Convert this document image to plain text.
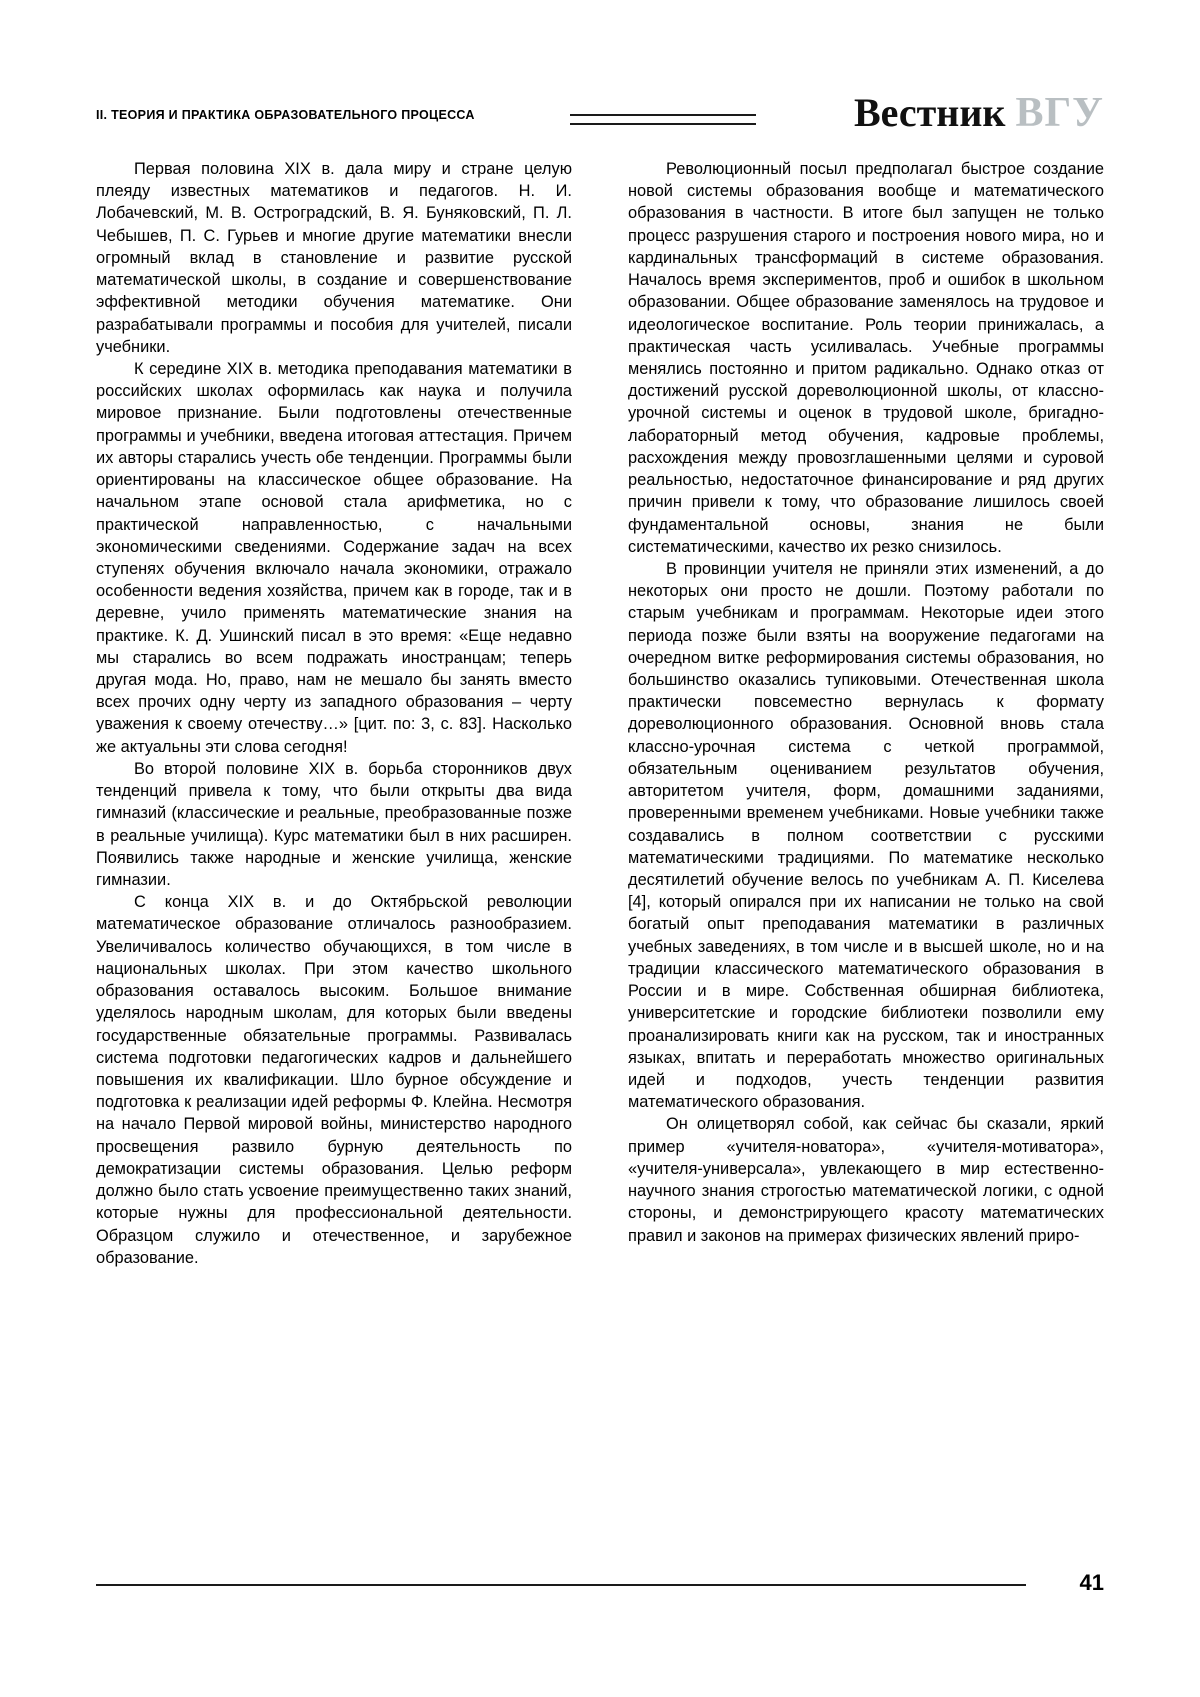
II. ТЕОРИЯ И ПРАКТИКА ОБРАЗОВАТЕЛЬНОГО ПРОЦЕССА	Вестник ВГУ

Первая половина XIX в. дала миру и стране целую плеяду известных математиков и педагогов. Н. И. Лобачевский, М. В. Остроградский, В. Я. Буняковский, П. Л. Чебышев, П. С. Гурьев и многие другие математики внесли огромный вклад в становление и развитие русской математической школы, в создание и совершенствование эффективной методики обучения математике. Они разрабатывали программы и пособия для учителей, писали учебники.

К середине XIX в. методика преподавания математики в российских школах оформилась как наука и получила мировое признание. Были подготовлены отечественные программы и учебники, введена итоговая аттестация. Причем их авторы старались учесть обе тенденции. Программы были ориентированы на классическое общее образование. На начальном этапе основой стала арифметика, но с практической направленностью, с начальными экономическими сведениями. Содержание задач на всех ступенях обучения включало начала экономики, отражало особенности ведения хозяйства, причем как в городе, так и в деревне, учило применять математические знания на практике. К. Д. Ушинский писал в это время: «Еще недавно мы старались во всем подражать иностранцам; теперь другая мода. Но, право, нам не мешало бы занять вместо всех прочих одну черту из западного образования – черту уважения к своему отечеству…» [цит. по: 3, с. 83]. Насколько же актуальны эти слова сегодня!

Во второй половине XIX в. борьба сторонников двух тенденций привела к тому, что были открыты два вида гимназий (классические и реальные, преобразованные позже в реальные училища). Курс математики был в них расширен. Появились также народные и женские училища, женские гимназии.

С конца XIX в. и до Октябрьской революции математическое образование отличалось разнообразием. Увеличивалось количество обучающихся, в том числе в национальных школах. При этом качество школьного образования оставалось высоким. Большое внимание уделялось народным школам, для которых были введены государственные обязательные программы. Развивалась система подготовки педагогических кадров и дальнейшего повышения их квалификации. Шло бурное обсуждение и подготовка к реализации идей реформы Ф. Клейна. Несмотря на начало Первой мировой войны, министерство народного просвещения развило бурную деятельность по демократизации системы образования. Целью реформ должно было стать усвоение преимущественно таких знаний, которые нужны для профессиональной деятельности. Образцом служило и отечественное, и зарубежное образование.

Революционный посыл предполагал быстрое создание новой системы образования вообще и математического образования в частности. В итоге был запущен не только процесс разрушения старого и построения нового мира, но и кардинальных трансформаций в системе образования. Началось время экспериментов, проб и ошибок в школьном образовании. Общее образование заменялось на трудовое и идеологическое воспитание. Роль теории принижалась, а практическая часть усиливалась. Учебные программы менялись постоянно и притом радикально. Однако отказ от достижений русской дореволюционной школы, от классно-урочной системы и оценок в трудовой школе, бригадно-лабораторный метод обучения, кадровые проблемы, расхождения между провозглашенными целями и суровой реальностью, недостаточное финансирование и ряд других причин привели к тому, что образование лишилось своей фундаментальной основы, знания не были систематическими, качество их резко снизилось.

В провинции учителя не приняли этих изменений, а до некоторых они просто не дошли. Поэтому работали по старым учебникам и программам. Некоторые идеи этого периода позже были взяты на вооружение педагогами на очередном витке реформирования системы образования, но большинство оказались тупиковыми. Отечественная школа практически повсеместно вернулась к формату дореволюционного образования. Основной вновь стала классно-урочная система с четкой программой, обязательным оцениванием результатов обучения, авторитетом учителя, форм, домашними заданиями, проверенными временем учебниками. Новые учебники также создавались в полном соответствии с русскими математическими традициями. По математике несколько десятилетий обучение велось по учебникам А. П. Киселева [4], который опирался при их написании не только на свой богатый опыт преподавания математики в различных учебных заведениях, в том числе и в высшей школе, но и на традиции классического математического образования в России и в мире. Собственная обширная библиотека, университетские и городские библиотеки позволили ему проанализировать книги как на русском, так и иностранных языках, впитать и переработать множество оригинальных идей и подходов, учесть тенденции развития математического образования.

Он олицетворял собой, как сейчас бы сказали, яркий пример «учителя-новатора», «учителя-мотиватора», «учителя-универсала», увлекающего в мир естественно-научного знания строгостью математической логики, с одной стороны, и демонстрирующего красоту математических правил и законов на примерах физических явлений приро-

41
